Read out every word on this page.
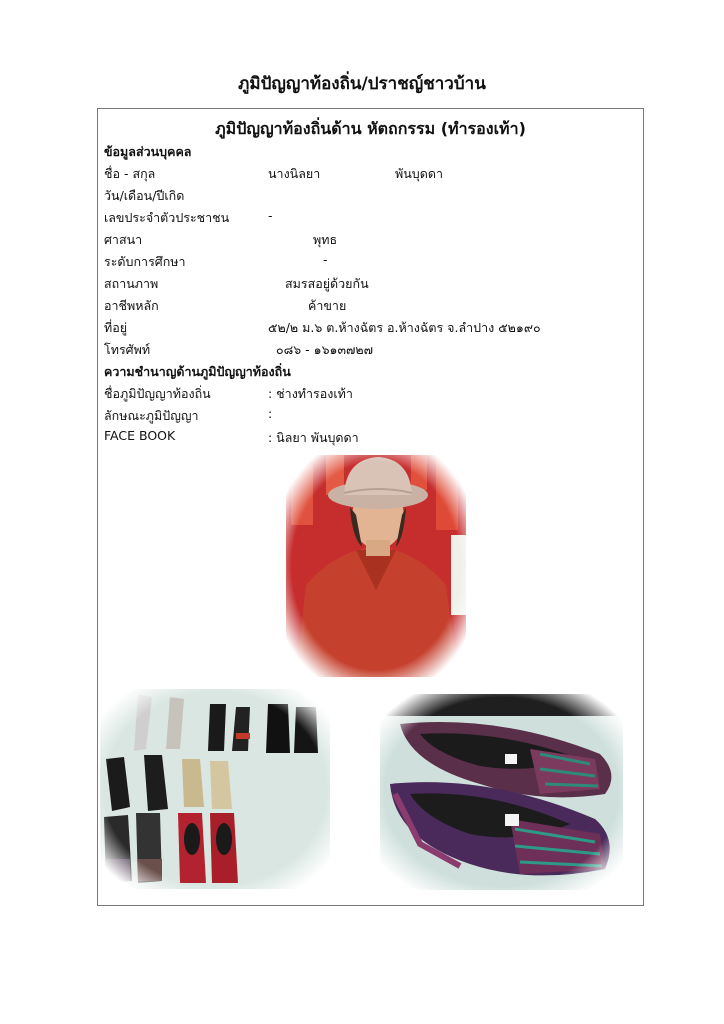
ภูมิปัญญาท้องถิ่น/ปราชญ์ชาวบ้าน
ภูมิปัญญาท้องถิ่นด้าน หัตถกรรม (ทำรองเท้า)
ข้อมูลส่วนบุคคล
ชื่อ - สกุล	นางนิลยา	พันบุดดา
วัน/เดือน/ปีเกิด
เลขประจำตัวประชาชน	-
ศาสนา	พุทธ
ระดับการศึกษา	-
สถานภาพ	สมรสอยู่ด้วยกัน
อาชีพหลัก	ค้าขาย
ที่อยู่	๕๒/๒ ม.๖ ต.ห้างฉัตร อ.ห้างฉัตร จ.ลำปาง ๕๒๑๙๐
โทรศัพท์	๐๘๖ - ๑๖๑๓๗๒๗
ความชำนาญด้านภูมิปัญญาท้องถิ่น
ชื่อภูมิปัญญาท้องถิ่น	: ช่างทำรองเท้า
ลักษณะภูมิปัญญา	:
FACE BOOK	: นิลยา พันบุดดา
